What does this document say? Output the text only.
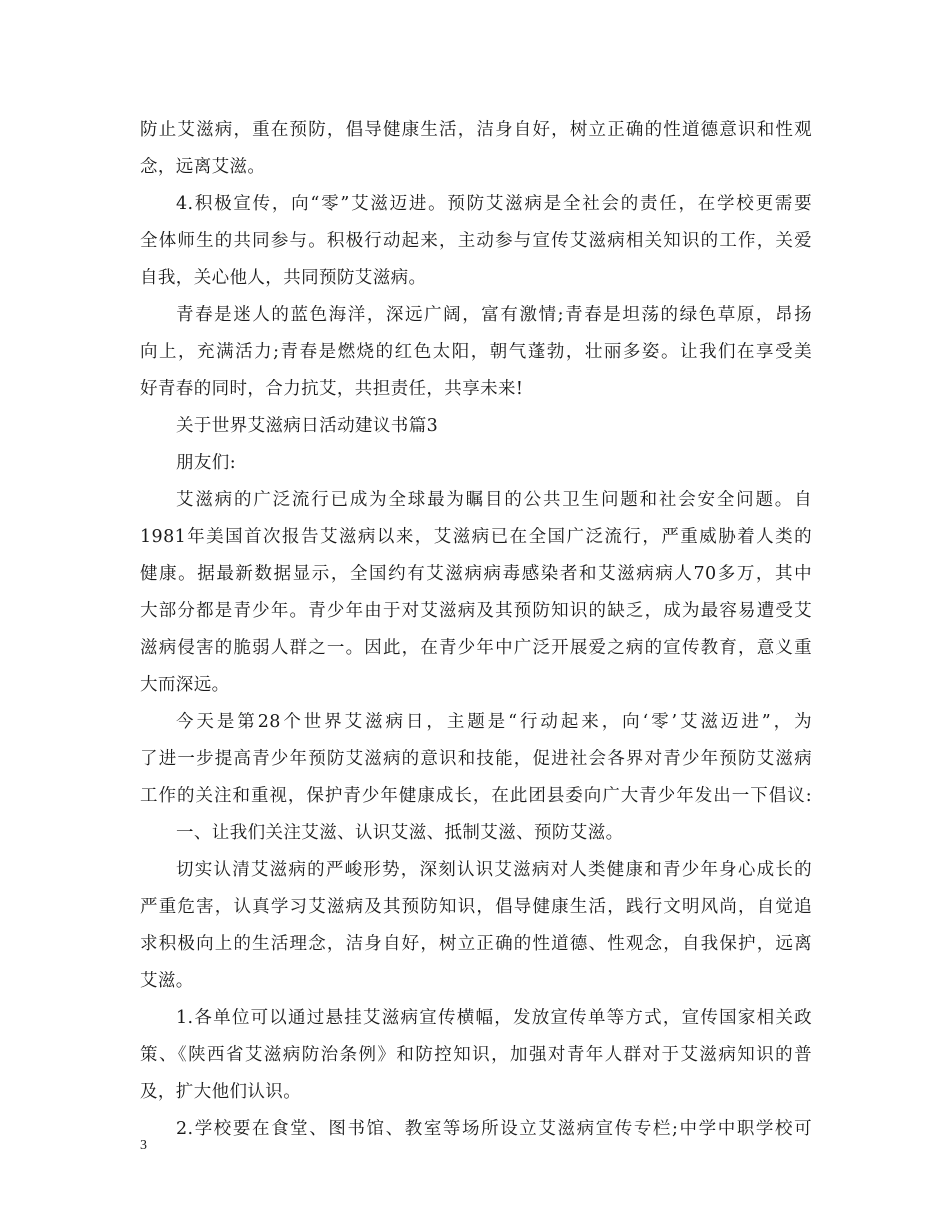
防止艾滋病，重在预防，倡导健康生活，洁身自好，树立正确的性道德意识和性观
念，远离艾滋。
4.积极宣传，向“零”艾滋迈进。预防艾滋病是全社会的责任，在学校更需要
全体师生的共同参与。积极行动起来，主动参与宣传艾滋病相关知识的工作，关爱
自我，关心他人，共同预防艾滋病。
青春是迷人的蓝色海洋，深远广阔，富有激情;青春是坦荡的绿色草原，昂扬
向上，充满活力;青春是燃烧的红色太阳，朝气蓬勃，壮丽多姿。让我们在享受美
好青春的同时，合力抗艾，共担责任，共享未来!
关于世界艾滋病日活动建议书篇3
朋友们:
艾滋病的广泛流行已成为全球最为瞩目的公共卫生问题和社会安全问题。自
1981年美国首次报告艾滋病以来，艾滋病已在全国广泛流行，严重威胁着人类的
健康。据最新数据显示，全国约有艾滋病病毒感染者和艾滋病病人70多万，其中
大部分都是青少年。青少年由于对艾滋病及其预防知识的缺乏，成为最容易遭受艾
滋病侵害的脆弱人群之一。因此，在青少年中广泛开展爱之病的宣传教育，意义重
大而深远。
今天是第28个世界艾滋病日，主题是“行动起来，向‘零’艾滋迈进”，为
了进一步提高青少年预防艾滋病的意识和技能，促进社会各界对青少年预防艾滋病
工作的关注和重视，保护青少年健康成长，在此团县委向广大青少年发出一下倡议:
一、让我们关注艾滋、认识艾滋、抵制艾滋、预防艾滋。
切实认清艾滋病的严峻形势，深刻认识艾滋病对人类健康和青少年身心成长的
严重危害，认真学习艾滋病及其预防知识，倡导健康生活，践行文明风尚，自觉追
求积极向上的生活理念，洁身自好，树立正确的性道德、性观念，自我保护，远离
艾滋。
1.各单位可以通过悬挂艾滋病宣传横幅，发放宣传单等方式，宣传国家相关政
策、《陕西省艾滋病防治条例》和防控知识，加强对青年人群对于艾滋病知识的普
及，扩大他们认识。
2.学校要在食堂、图书馆、教室等场所设立艾滋病宣传专栏;中学中职学校可
3
